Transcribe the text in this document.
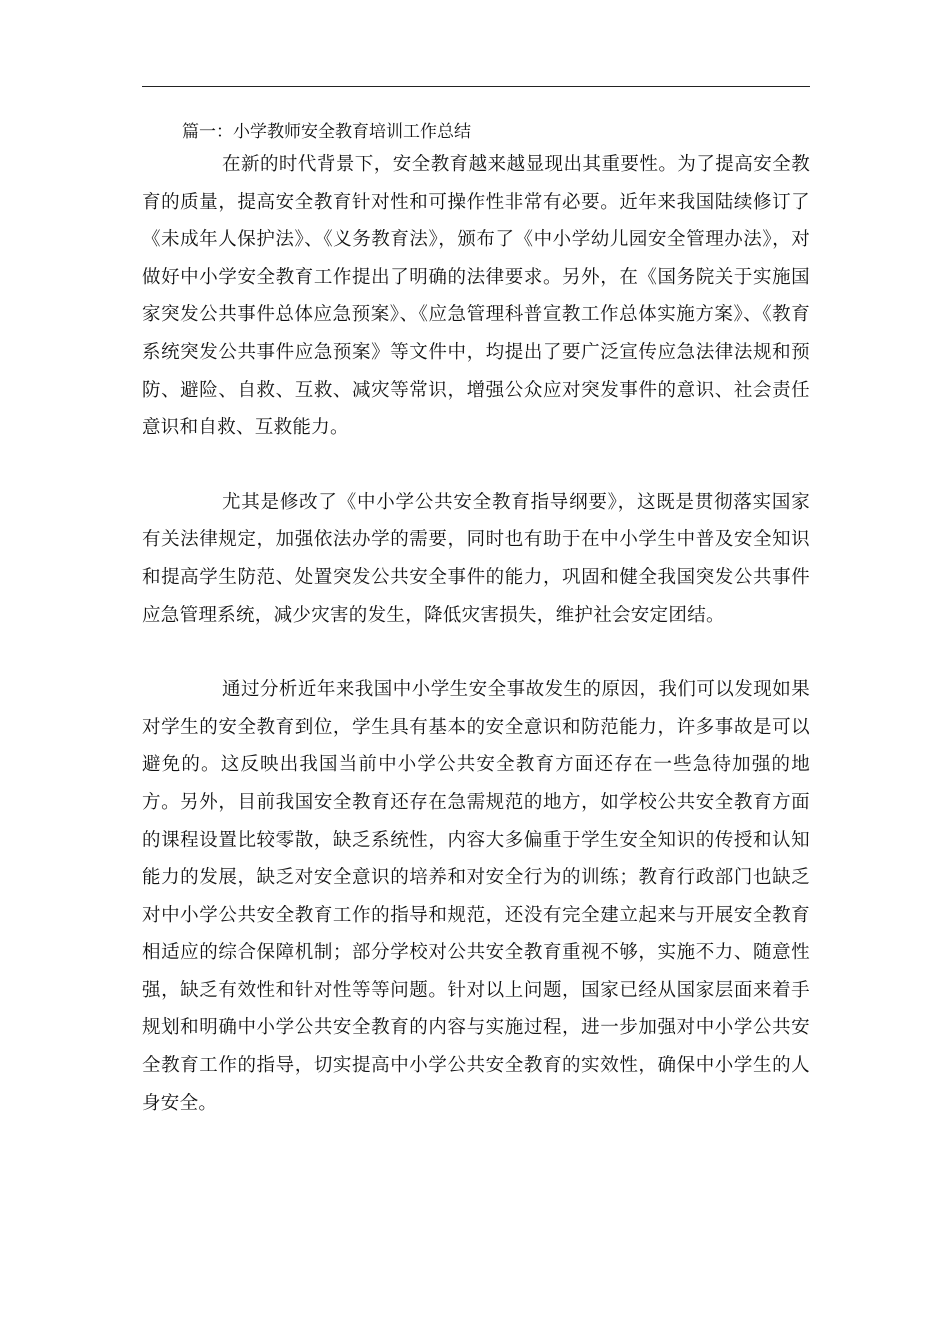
篇一：小学教师安全教育培训工作总结

在新的时代背景下，安全教育越来越显现出其重要性。为了提高安全教育的质量，提高安全教育针对性和可操作性非常有必要。近年来我国陆续修订了《未成年人保护法》、《义务教育法》，颁布了《中小学幼儿园安全管理办法》，对做好中小学安全教育工作提出了明确的法律要求。另外，在《国务院关于实施国家突发公共事件总体应急预案》、《应急管理科普宣教工作总体实施方案》、《教育系统突发公共事件应急预案》等文件中，均提出了要广泛宣传应急法律法规和预防、避险、自救、互救、减灾等常识，增强公众应对突发事件的意识、社会责任意识和自救、互救能力。

尤其是修改了《中小学公共安全教育指导纲要》，这既是贯彻落实国家有关法律规定，加强依法办学的需要，同时也有助于在中小学生中普及安全知识和提高学生防范、处置突发公共安全事件的能力，巩固和健全我国突发公共事件应急管理系统，减少灾害的发生，降低灾害损失，维护社会安定团结。

通过分析近年来我国中小学生安全事故发生的原因，我们可以发现如果对学生的安全教育到位，学生具有基本的安全意识和防范能力，许多事故是可以避免的。这反映出我国当前中小学公共安全教育方面还存在一些急待加强的地方。另外，目前我国安全教育还存在急需规范的地方，如学校公共安全教育方面的课程设置比较零散，缺乏系统性，内容大多偏重于学生安全知识的传授和认知能力的发展，缺乏对安全意识的培养和对安全行为的训练；教育行政部门也缺乏对中小学公共安全教育工作的指导和规范，还没有完全建立起来与开展安全教育相适应的综合保障机制；部分学校对公共安全教育重视不够，实施不力、随意性强，缺乏有效性和针对性等等问题。针对以上问题，国家已经从国家层面来着手规划和明确中小学公共安全教育的内容与实施过程，进一步加强对中小学公共安全教育工作的指导，切实提高中小学公共安全教育的实效性，确保中小学生的人身安全。
